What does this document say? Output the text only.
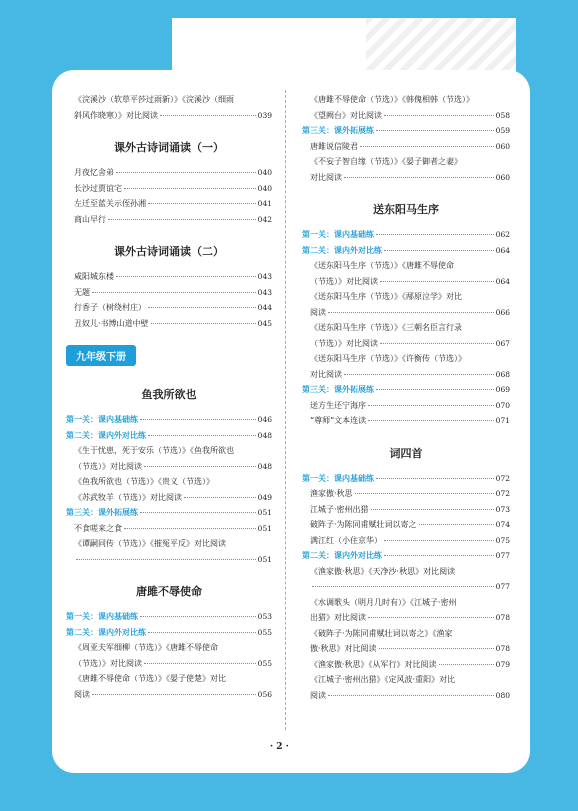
《浣溪沙（软草平莎过雨新）》《浣溪沙（细雨
斜风作晓寒）》对比阅读	039
课外古诗词诵读（一）
月夜忆舍弟	040
长沙过贾谊宅	040
左迁至蓝关示侄孙湘	041
商山早行	042
课外古诗词诵读（二）
咸阳城东楼	043
无题	043
行香子（树绕村庄）	044
丑奴儿·书博山道中壁	045
九年级下册
鱼我所欲也
第一关：课内基础练	046
第二关：课内外对比练	048
《生于忧患，死于安乐（节选）》《鱼我所欲也
（节选）》对比阅读	048
《鱼我所欲也（节选）》《贵义（节选）》
《苏武牧羊（节选）》对比阅读	049
第三关：课外拓展练	051
不食嗟来之食	051
《谭嗣同传（节选）》《摧冤平反》对比阅读
051
唐雎不辱使命
第一关：课内基础练	053
第二关：课内外对比练	055
《周亚夫军细柳（节选）》《唐雎不辱使命
（节选）》对比阅读	055
《唐雎不辱使命（节选）》《晏子使楚》对比
阅读	056
《唐雎不辱使命（节选）》《韩傀相韩（节选）》
《望阙台》对比阅读	058
第三关：课外拓展练	059
唐雎说信陵君	060
《不妄子智自缘（节选）》《晏子御者之妻》
对比阅读	060
送东阳马生序
第一关：课内基础练	062
第二关：课内外对比练	064
《送东阳马生序（节选）》《唐雎不辱使命
（节选）》对比阅读	064
《送东阳马生序（节选）》《邴原泣学》对比
阅读	066
《送东阳马生序（节选）》《三朝名臣言行录
（节选）》对比阅读	067
《送东阳马生序（节选）》《许衡传（节选）》
对比阅读	068
第三关：课外拓展练	069
送方生还宁海序	070
“尊师”文本连读	071
词四首
第一关：课内基础练	072
渔家傲·秋思	072
江城子·密州出猎	073
破阵子·为陈同甫赋壮词以寄之	074
满江红（小住京华）	075
第二关：课内外对比练	077
《渔家傲·秋思》《天净沙·秋思》对比阅读
077
《水调歌头（明月几时有）》《江城子·密州
出猎》对比阅读	078
《破阵子·为陈同甫赋壮词以寄之》《渔家
傲·秋思》对比阅读	078
《渔家傲·秋思》《从军行》对比阅读	079
《江城子·密州出猎》《定风波·重阳》对比
阅读	080
· 2 ·
